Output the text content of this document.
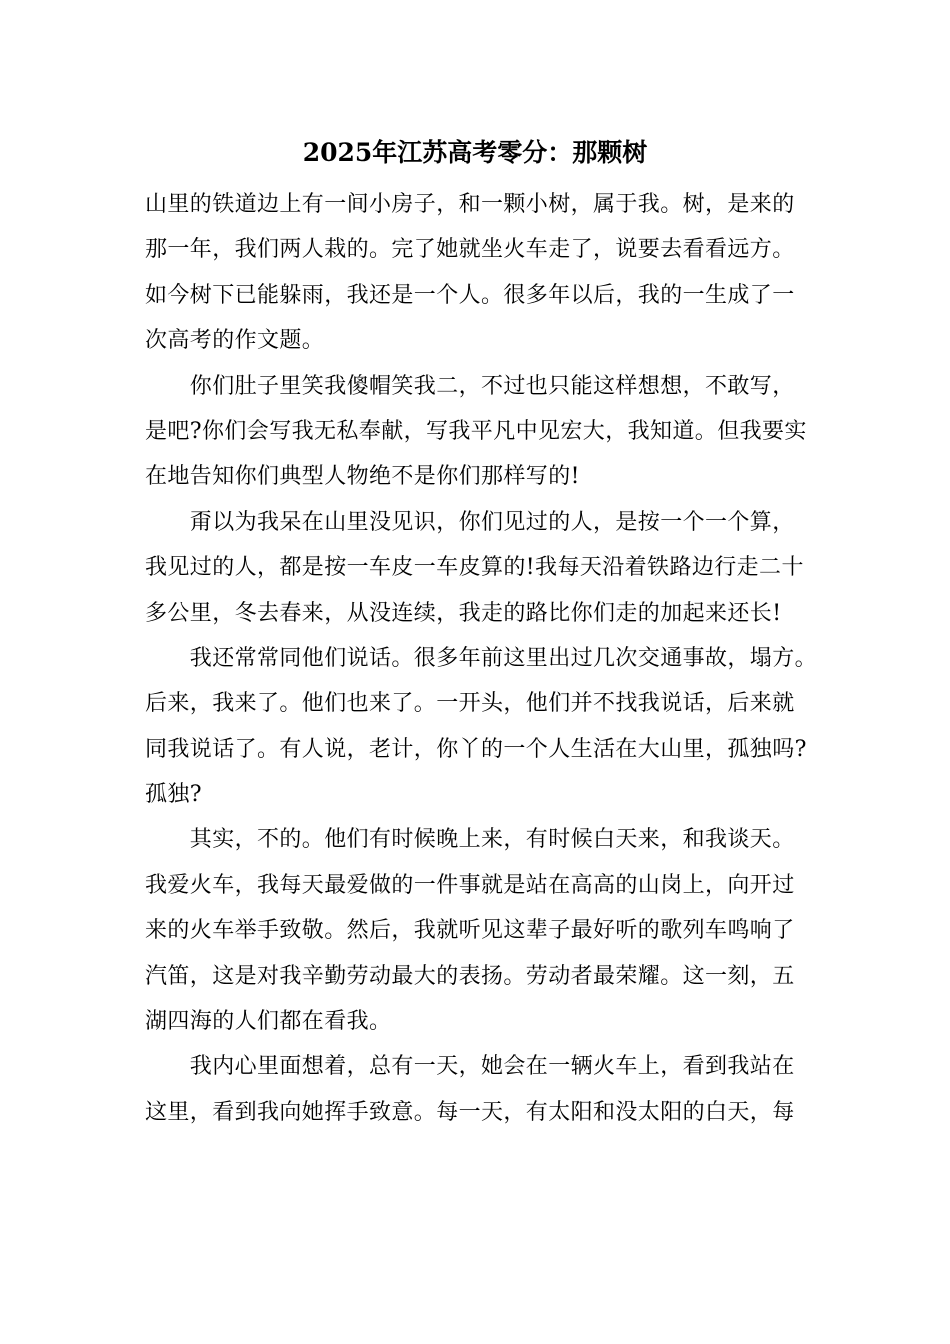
2025年江苏高考零分：那颗树
山里的铁道边上有一间小房子，和一颗小树，属于我。树，是来的
那一年，我们两人栽的。完了她就坐火车走了，说要去看看远方。
如今树下已能躲雨，我还是一个人。很多年以后，我的一生成了一
次高考的作文题。
　　你们肚子里笑我傻帽笑我二，不过也只能这样想想，不敢写，
是吧?你们会写我无私奉献，写我平凡中见宏大，我知道。但我要实
在地告知你们典型人物绝不是你们那样写的!
　　甭以为我呆在山里没见识，你们见过的人，是按一个一个算，
我见过的人，都是按一车皮一车皮算的!我每天沿着铁路边行走二十
多公里，冬去春来，从没连续，我走的路比你们走的加起来还长!
　　我还常常同他们说话。很多年前这里出过几次交通事故，塌方。
后来，我来了。他们也来了。一开头，他们并不找我说话，后来就
同我说话了。有人说，老计，你丫的一个人生活在大山里，孤独吗?
孤独?
　　其实，不的。他们有时候晚上来，有时候白天来，和我谈天。
我爱火车，我每天最爱做的一件事就是站在高高的山岗上，向开过
来的火车举手致敬。然后，我就听见这辈子最好听的歌列车鸣响了
汽笛，这是对我辛勤劳动最大的表扬。劳动者最荣耀。这一刻，五
湖四海的人们都在看我。
　　我内心里面想着，总有一天，她会在一辆火车上，看到我站在
这里，看到我向她挥手致意。每一天，有太阳和没太阳的白天，每
